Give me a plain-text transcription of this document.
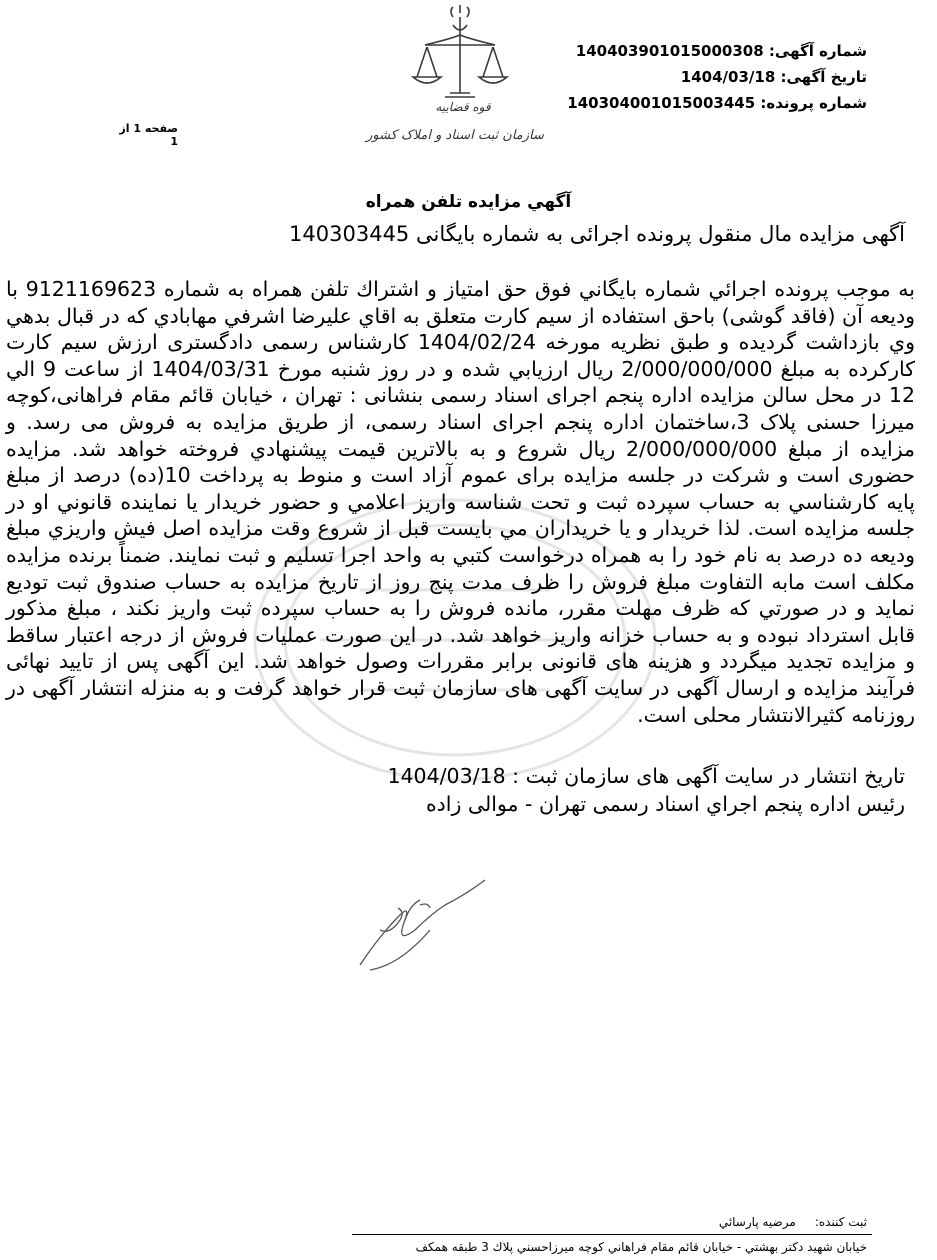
قوه قضاییه
سازمان ثبت اسناد و املاک کشور
شماره آگهی: 14040390101500030​8
تاریخ آگهی: 1404/03/18
شماره پرونده: 14030400101500344​5
صفحه 1 از 1
آگهي مزايده تلفن همراه
آگهی مزایده مال منقول پرونده اجرائی به شماره بایگانی 140303445
به موجب پرونده اجرائي شماره بايگاني فوق حق امتياز و اشتراك تلفن همراه به شماره 9121169623 با وديعه آن (فاقد گوشی) باحق استفاده از سيم كارت متعلق به اقاي عليرضا اشرفي مهابادي كه در قبال بدهي وي بازداشت گرديده و طبق نظريه مورخه 1404/02/24 كارشناس رسمی دادگستری ارزش سيم كارت كاركرده به مبلغ 2/000/000/000 ريال ارزيابي شده و در روز شنبه مورخ 1404/03/31 از ساعت 9 الي 12 در محل سالن مزايده اداره پنجم اجرای اسناد رسمی بنشانی : تهران ، خیابان قائم مقام فراهانی،کوچه میرزا حسنی پلاک 3،ساختمان اداره پنجم اجرای اسناد رسمی، از طريق مزايده به فروش می رسد. و مزايده از مبلغ 2/000/000/000 ريال شروع و به بالاترين قيمت پيشنهادي فروخته خواهد شد. مزايده حضوری است و شركت در جلسه مزايده برای عموم آزاد است و منوط به پرداخت 10(ده) درصد از مبلغ پايه كارشناسي به حساب سپرده ثبت و تحت شناسه واريز اعلامي و حضور خريدار يا نماينده قانوني او در جلسه مزايده است. لذا خريدار و يا خريداران مي بايست قبل از شروع وقت مزايده اصل فيش واريزي مبلغ وديعه ده درصد به نام خود را به همراه درخواست كتبي به واحد اجرا تسليم و ثبت نمايند. ضمناً برنده مزايده مكلف است مابه التفاوت مبلغ فروش را ظرف مدت پنج روز از تاريخ مزايده به حساب صندوق ثبت توديع نمايد و در صورتي كه ظرف مهلت مقرر، مانده فروش را به حساب سپرده ثبت واريز نكند ، مبلغ مذكور قابل استرداد نبوده و به حساب خزانه واريز خواهد شد. در اين صورت عمليات فروش از درجه اعتبار ساقط و مزايده تجديد ميگردد و هزينه های قانونی برابر مقررات وصول خواهد شد. این آگهی پس از تایید نهائی فرآیند مزایده و ارسال آگهی در سایت آگهی های سازمان ثبت قرار خواهد گرفت و به منزله انتشار آگهی در روزنامه كثيرالانتشار محلی است.
تاریخ انتشار در سایت آگهی های سازمان ثبت : 1404/03/18
رئيس اداره پنجم اجراي اسناد رسمی تهران - موالی زاده
ثبت کننده:     مرضيه پارسائي
خيابان شهيد دكتر بهشتي - خيابان قائم مقام فراهاني كوچه ميرزاحسني پلاك 3 طبقه همكف
